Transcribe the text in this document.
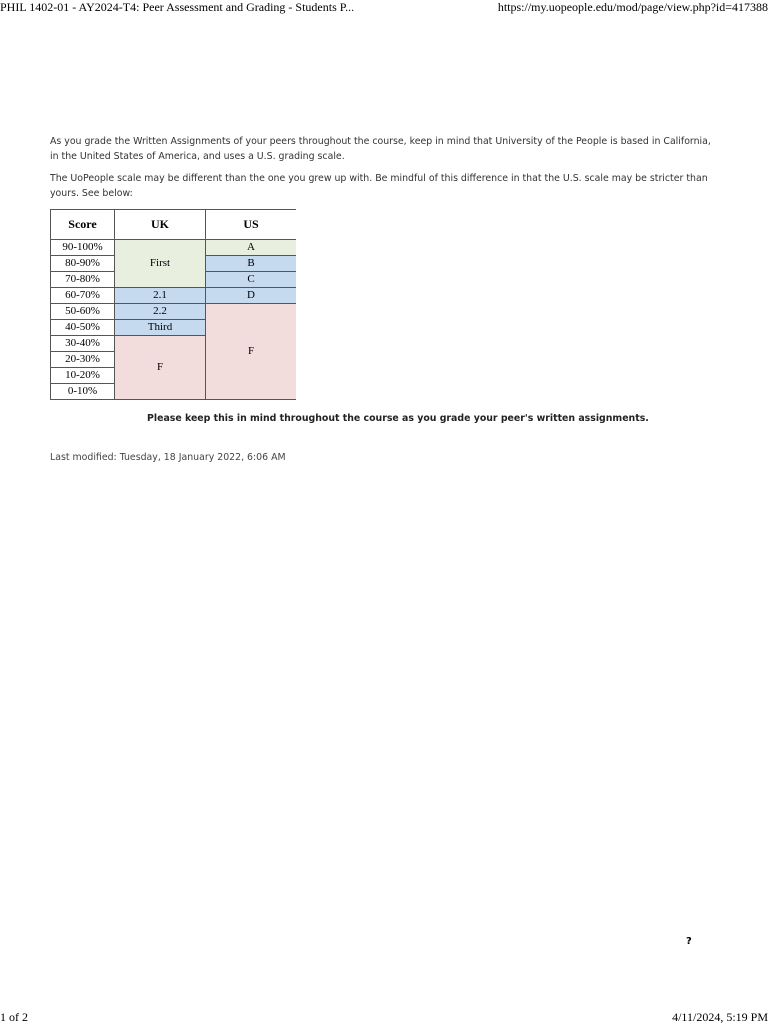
PHIL 1402-01 - AY2024-T4: Peer Assessment and Grading - Students P...	https://my.uopeople.edu/mod/page/view.php?id=417388

As you grade the Written Assignments of your peers throughout the course, keep in mind that University of the People is based in California, in the United States of America, and uses a U.S. grading scale.

The UoPeople scale may be different than the one you grew up with. Be mindful of this difference in that the U.S. scale may be stricter than yours. See below:

Score	UK	US
90-100%	First	A
80-90%		B
70-80%		C
60-70%	2.1	D
50-60%	2.2	F
40-50%	Third	
30-40%	F	
20-30%		
10-20%		
0-10%		
Please keep this in mind throughout the course as you grade your peer's written assignments.
Last modified: Tuesday, 18 January 2022, 6:06 AM
?
1 of 2	4/11/2024, 5:19 PM
